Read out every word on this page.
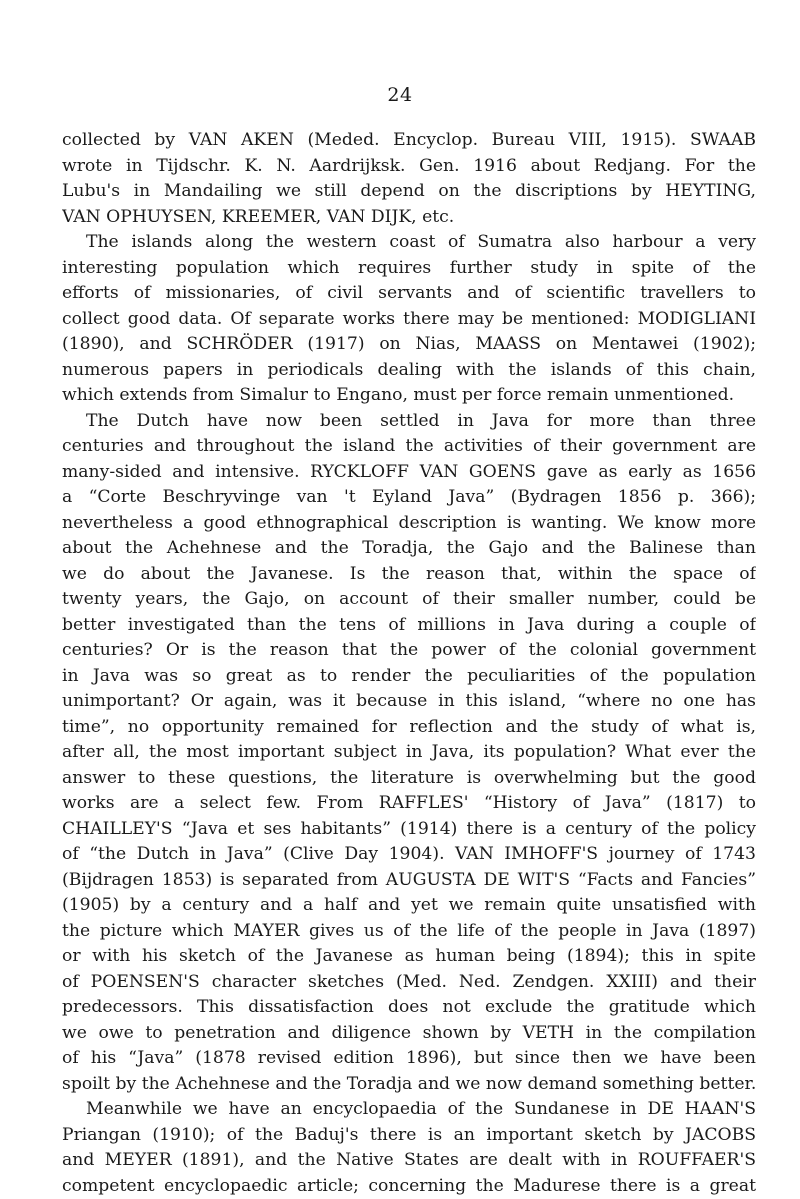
24
collected by VAN AKEN (Meded. Encyclop. Bureau VIII, 1915). SWAAB
wrote in Tijdschr. K. N. Aardrijksk. Gen. 1916 about Redjang. For the
Lubu's in Mandailing we still depend on the discriptions by HEYTING,
VAN OPHUYSEN, KREEMER, VAN DIJK, etc.
The islands along the western coast of Sumatra also harbour a very
interesting population which requires further study in spite of the
efforts of missionaries, of civil servants and of scientific travellers to
collect good data. Of separate works there may be mentioned: MODIGLIANI
(1890), and SCHRÖDER (1917) on Nias, MAASS on Mentawei (1902);
numerous papers in periodicals dealing with the islands of this chain,
which extends from Simalur to Engano, must per force remain unmentioned.
The Dutch have now been settled in Java for more than three
centuries and throughout the island the activities of their government are
many-sided and intensive. RYCKLOFF VAN GOENS gave as early as 1656
a “Corte Beschryvinge van 't Eyland Java” (Bydragen 1856 p. 366);
nevertheless a good ethnographical description is wanting. We know more
about the Achehnese and the Toradja, the Gajo and the Balinese than
we do about the Javanese. Is the reason that, within the space of
twenty years, the Gajo, on account of their smaller number, could be
better investigated than the tens of millions in Java during a couple of
centuries? Or is the reason that the power of the colonial government
in Java was so great as to render the peculiarities of the population
unimportant? Or again, was it because in this island, “where no one has
time”, no opportunity remained for reflection and the study of what is,
after all, the most important subject in Java, its population? What ever the
answer to these questions, the literature is overwhelming but the good
works are a select few. From RAFFLES' “History of Java” (1817) to
CHAILLEY'S “Java et ses habitants” (1914) there is a century of the policy
of “the Dutch in Java” (Clive Day 1904). VAN IMHOFF'S journey of 1743
(Bijdragen 1853) is separated from AUGUSTA DE WIT'S “Facts and Fancies”
(1905) by a century and a half and yet we remain quite unsatisfied with
the picture which MAYER gives us of the life of the people in Java (1897)
or with his sketch of the Javanese as human being (1894); this in spite
of POENSEN'S character sketches (Med. Ned. Zendgen. XXIII) and their
predecessors. This dissatisfaction does not exclude the gratitude which
we owe to penetration and diligence shown by VETH in the compilation
of his “Java” (1878 revised edition 1896), but since then we have been
spoilt by the Achehnese and the Toradja and we now demand something better.
Meanwhile we have an encyclopaedia of the Sundanese in DE HAAN'S
Priangan (1910); of the Baduj's there is an important sketch by JACOBS
and MEYER (1891), and the Native States are dealt with in ROUFFAER'S
competent encyclopaedic article; concerning the Madurese there is a great
